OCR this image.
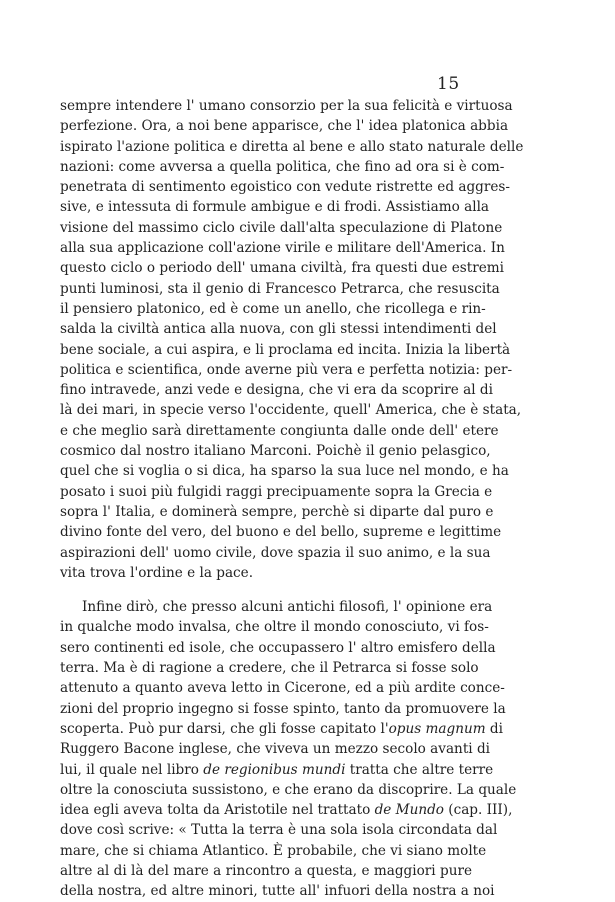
15
sempre intendere l' umano consorzio per la sua felicità e virtuosa
perfezione. Ora, a noi bene apparisce, che l' idea platonica abbia
ispirato l'azione politica e diretta al bene e allo stato naturale delle
nazioni: come avversa a quella politica, che fino ad ora si è com-
penetrata di sentimento egoistico con vedute ristrette ed aggres-
sive, e intessuta di formule ambigue e di frodi. Assistiamo alla
visione del massimo ciclo civile dall'alta speculazione di Platone
alla sua applicazione coll'azione virile e militare dell'America. In
questo ciclo o periodo dell' umana civiltà, fra questi due estremi
punti luminosi, sta il genio di Francesco Petrarca, che resuscita
il pensiero platonico, ed è come un anello, che ricollega e rin-
salda la civiltà antica alla nuova, con gli stessi intendimenti del
bene sociale, a cui aspira, e li proclama ed incita. Inizia la libertà
politica e scientifica, onde averne più vera e perfetta notizia: per-
fino intravede, anzi vede e designa, che vi era da scoprire al di
là dei mari, in specie verso l'occidente, quell' America, che è stata,
e che meglio sarà direttamente congiunta dalle onde dell' etere
cosmico dal nostro italiano Marconi. Poichè il genio pelasgico,
quel che si voglia o si dica, ha sparso la sua luce nel mondo, e ha
posato i suoi più fulgidi raggi precipuamente sopra la Grecia e
sopra l' Italia, e dominerà sempre, perchè si diparte dal puro e
divino fonte del vero, del buono e del bello, supreme e legittime
aspirazioni dell' uomo civile, dove spazia il suo animo, e la sua
vita trova l'ordine e la pace.
Infine dirò, che presso alcuni antichi filosofi, l' opinione era
in qualche modo invalsa, che oltre il mondo conosciuto, vi fos-
sero continenti ed isole, che occupassero l' altro emisfero della
terra. Ma è di ragione a credere, che il Petrarca si fosse solo
attenuto a quanto aveva letto in Cicerone, ed a più ardite conce-
zioni del proprio ingegno si fosse spinto, tanto da promuovere la
scoperta. Può pur darsi, che gli fosse capitato l'opus magnum di
Ruggero Bacone inglese, che viveva un mezzo secolo avanti di
lui, il quale nel libro de regionibus mundi tratta che altre terre
oltre la conosciuta sussistono, e che erano da discoprire. La quale
idea egli aveva tolta da Aristotile nel trattato de Mundo (cap. III),
dove così scrive: « Tutta la terra è una sola isola circondata dal
mare, che si chiama Atlantico. È probabile, che vi siano molte
altre al di là del mare a rincontro a questa, e maggiori pure
della nostra, ed altre minori, tutte all' infuori della nostra a noi
